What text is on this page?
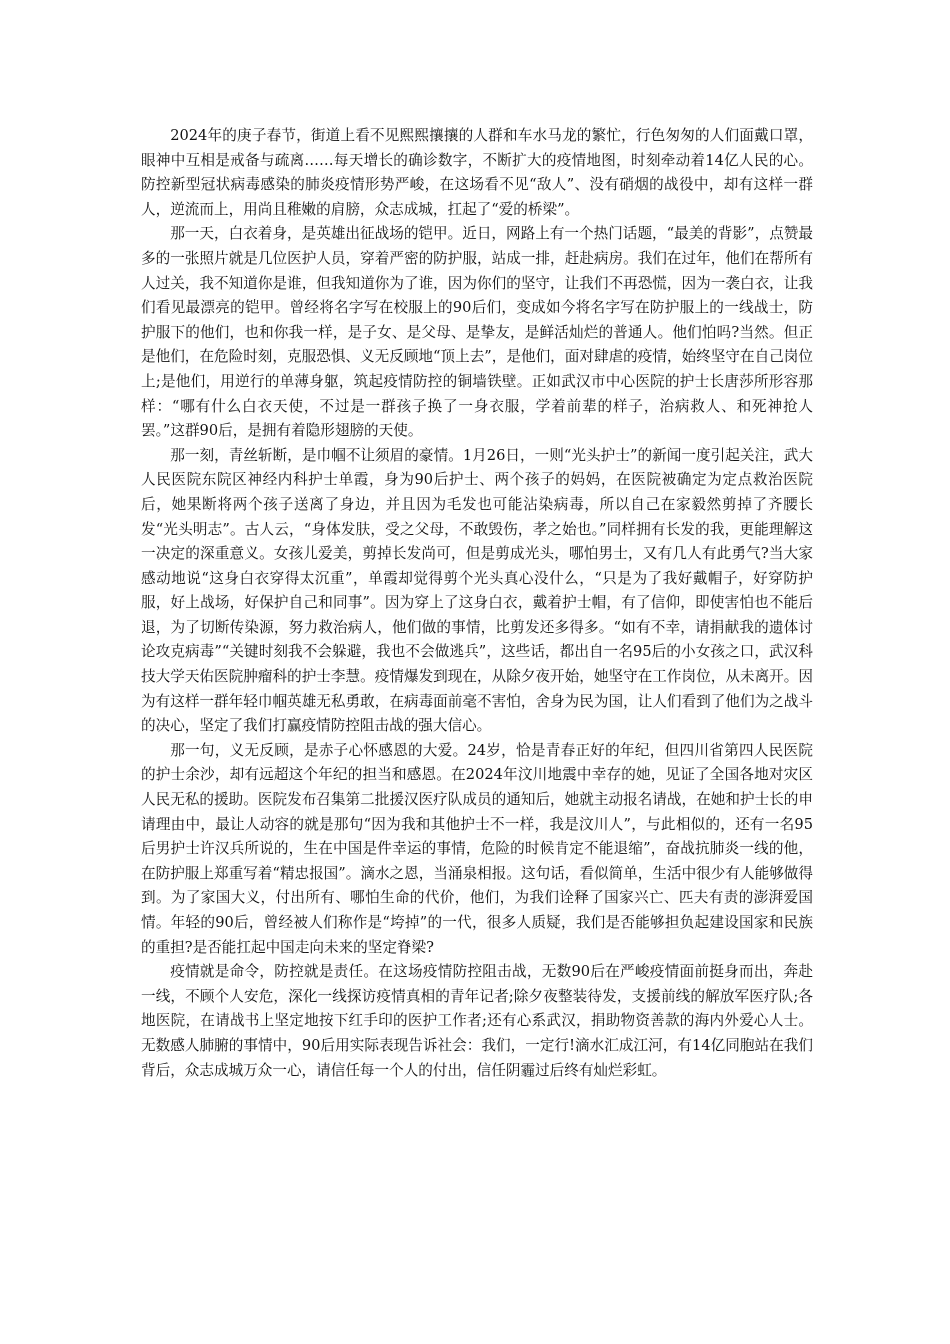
2024年的庚子春节，街道上看不见熙熙攘攘的人群和车水马龙的繁忙，行色匆匆的人们面戴口罩，眼神中互相是戒备与疏离……每天增长的确诊数字，不断扩大的疫情地图，时刻牵动着14亿人民的心。防控新型冠状病毒感染的肺炎疫情形势严峻，在这场看不见“敌人”、没有硝烟的战役中，却有这样一群人，逆流而上，用尚且稚嫩的肩膀，众志成城，扛起了“爱的桥梁”。

那一天，白衣着身，是英雄出征战场的铠甲。近日，网路上有一个热门话题，“最美的背影”，点赞最多的一张照片就是几位医护人员，穿着严密的防护服，站成一排，赶赴病房。我们在过年，他们在帮所有人过关，我不知道你是谁，但我知道你为了谁，因为你们的坚守，让我们不再恐慌，因为一袭白衣，让我们看见最漂亮的铠甲。曾经将名字写在校服上的90后们，变成如今将名字写在防护服上的一线战士，防护服下的他们，也和你我一样，是子女、是父母、是挚友，是鲜活灿烂的普通人。他们怕吗?当然。但正是他们，在危险时刻，克服恐惧、义无反顾地“顶上去”，是他们，面对肆虐的疫情，始终坚守在自己岗位上;是他们，用逆行的单薄身躯，筑起疫情防控的铜墙铁壁。正如武汉市中心医院的护士长唐莎所形容那样：“哪有什么白衣天使，不过是一群孩子换了一身衣服，学着前辈的样子，治病救人、和死神抢人罢。”这群90后，是拥有着隐形翅膀的天使。

那一刻，青丝斩断，是巾帼不让须眉的豪情。1月26日，一则“光头护士”的新闻一度引起关注，武大人民医院东院区神经内科护士单霞，身为90后护士、两个孩子的妈妈，在医院被确定为定点救治医院后，她果断将两个孩子送离了身边，并且因为毛发也可能沾染病毒，所以自己在家毅然剪掉了齐腰长发“光头明志”。古人云，“身体发肤，受之父母，不敢毁伤，孝之始也。”同样拥有长发的我，更能理解这一决定的深重意义。女孩儿爱美，剪掉长发尚可，但是剪成光头，哪怕男士，又有几人有此勇气?当大家感动地说“这身白衣穿得太沉重”，单霞却觉得剪个光头真心没什么，“只是为了我好戴帽子，好穿防护服，好上战场，好保护自己和同事”。因为穿上了这身白衣，戴着护士帽，有了信仰，即使害怕也不能后退，为了切断传染源，努力救治病人，他们做的事情，比剪发还多得多。“如有不幸，请捐献我的遗体讨论攻克病毒”“关键时刻我不会躲避，我也不会做逃兵”，这些话，都出自一名95后的小女孩之口，武汉科技大学天佑医院肿瘤科的护士李慧。疫情爆发到现在，从除夕夜开始，她坚守在工作岗位，从未离开。因为有这样一群年轻巾帼英雄无私勇敢，在病毒面前毫不害怕，舍身为民为国，让人们看到了他们为之战斗的决心，坚定了我们打赢疫情防控阻击战的强大信心。

那一句，义无反顾，是赤子心怀感恩的大爱。24岁，恰是青春正好的年纪，但四川省第四人民医院的护士余沙，却有远超这个年纪的担当和感恩。在2024年汶川地震中幸存的她，见证了全国各地对灾区人民无私的援助。医院发布召集第二批援汉医疗队成员的通知后，她就主动报名请战，在她和护士长的申请理由中，最让人动容的就是那句“因为我和其他护士不一样，我是汶川人”，与此相似的，还有一名95后男护士许汉兵所说的，生在中国是件幸运的事情，危险的时候肯定不能退缩”，奋战抗肺炎一线的他，在防护服上郑重写着“精忠报国”。滴水之恩，当涌泉相报。这句话，看似简单，生活中很少有人能够做得到。为了家国大义，付出所有、哪怕生命的代价，他们，为我们诠释了国家兴亡、匹夫有责的澎湃爱国情。年轻的90后，曾经被人们称作是“垮掉”的一代，很多人质疑，我们是否能够担负起建设国家和民族的重担?是否能扛起中国走向未来的坚定脊梁?

疫情就是命令，防控就是责任。在这场疫情防控阻击战，无数90后在严峻疫情面前挺身而出，奔赴一线，不顾个人安危，深化一线探访疫情真相的青年记者;除夕夜整装待发，支援前线的解放军医疗队;各地医院，在请战书上坚定地按下红手印的医护工作者;还有心系武汉，捐助物资善款的海内外爱心人士。无数感人肺腑的事情中，90后用实际表现告诉社会：我们，一定行!滴水汇成江河，有14亿同胞站在我们背后，众志成城万众一心，请信任每一个人的付出，信任阴霾过后终有灿烂彩虹。
